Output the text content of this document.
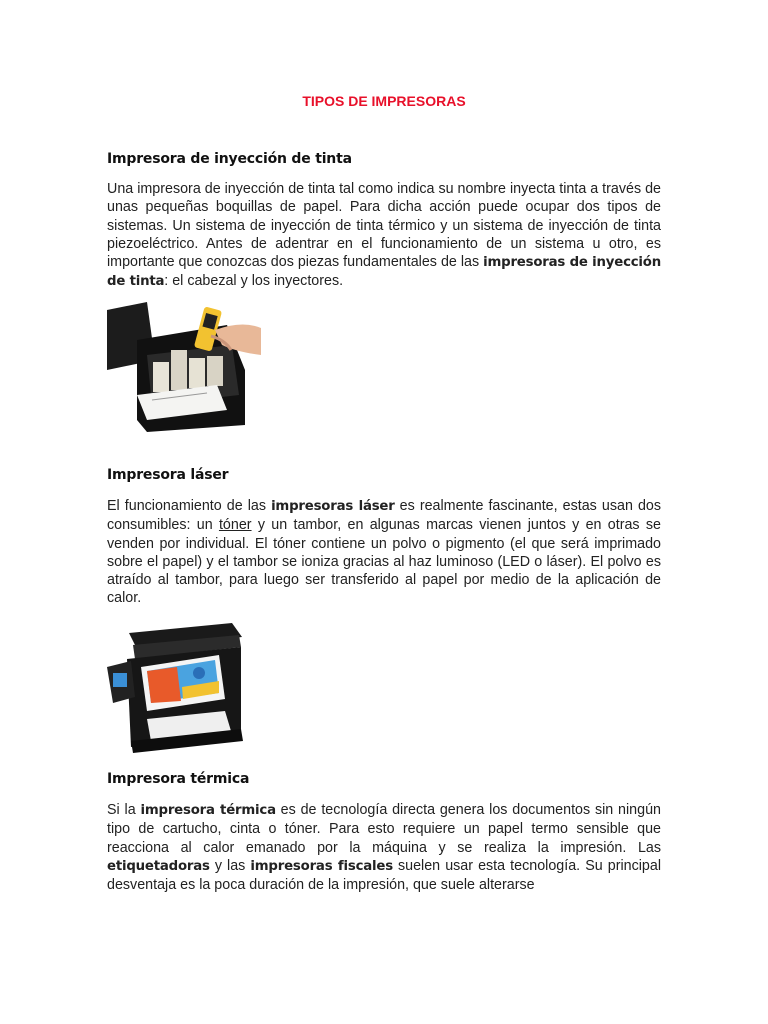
TIPOS DE IMPRESORAS
Impresora de inyección de tinta
Una impresora de inyección de tinta tal como indica su nombre inyecta tinta a través de unas pequeñas boquillas de papel. Para dicha acción puede ocupar dos tipos de sistemas. Un sistema de inyección de tinta térmico y un sistema de inyección de tinta piezoeléctrico. Antes de adentrar en el funcionamiento de un sistema u otro, es importante que conozcas dos piezas fundamentales de las impresoras de inyección de tinta: el cabezal y los inyectores.
Impresora láser
El funcionamiento de las impresoras láser es realmente fascinante, estas usan dos consumibles: un tóner y un tambor, en algunas marcas vienen juntos y en otras se venden por individual. El tóner contiene un polvo o pigmento (el que será imprimado sobre el papel) y el tambor se ioniza gracias al haz luminoso (LED o láser). El polvo es atraído al tambor, para luego ser transferido al papel por medio de la aplicación de calor.
Impresora térmica
Si la impresora térmica es de tecnología directa genera los documentos sin ningún tipo de cartucho, cinta o tóner. Para esto requiere un papel termo sensible que reacciona al calor emanado por la máquina y se realiza la impresión. Las etiquetadoras y las impresoras fiscales suelen usar esta tecnología. Su principal desventaja es la poca duración de la impresión, que suele alterarse
